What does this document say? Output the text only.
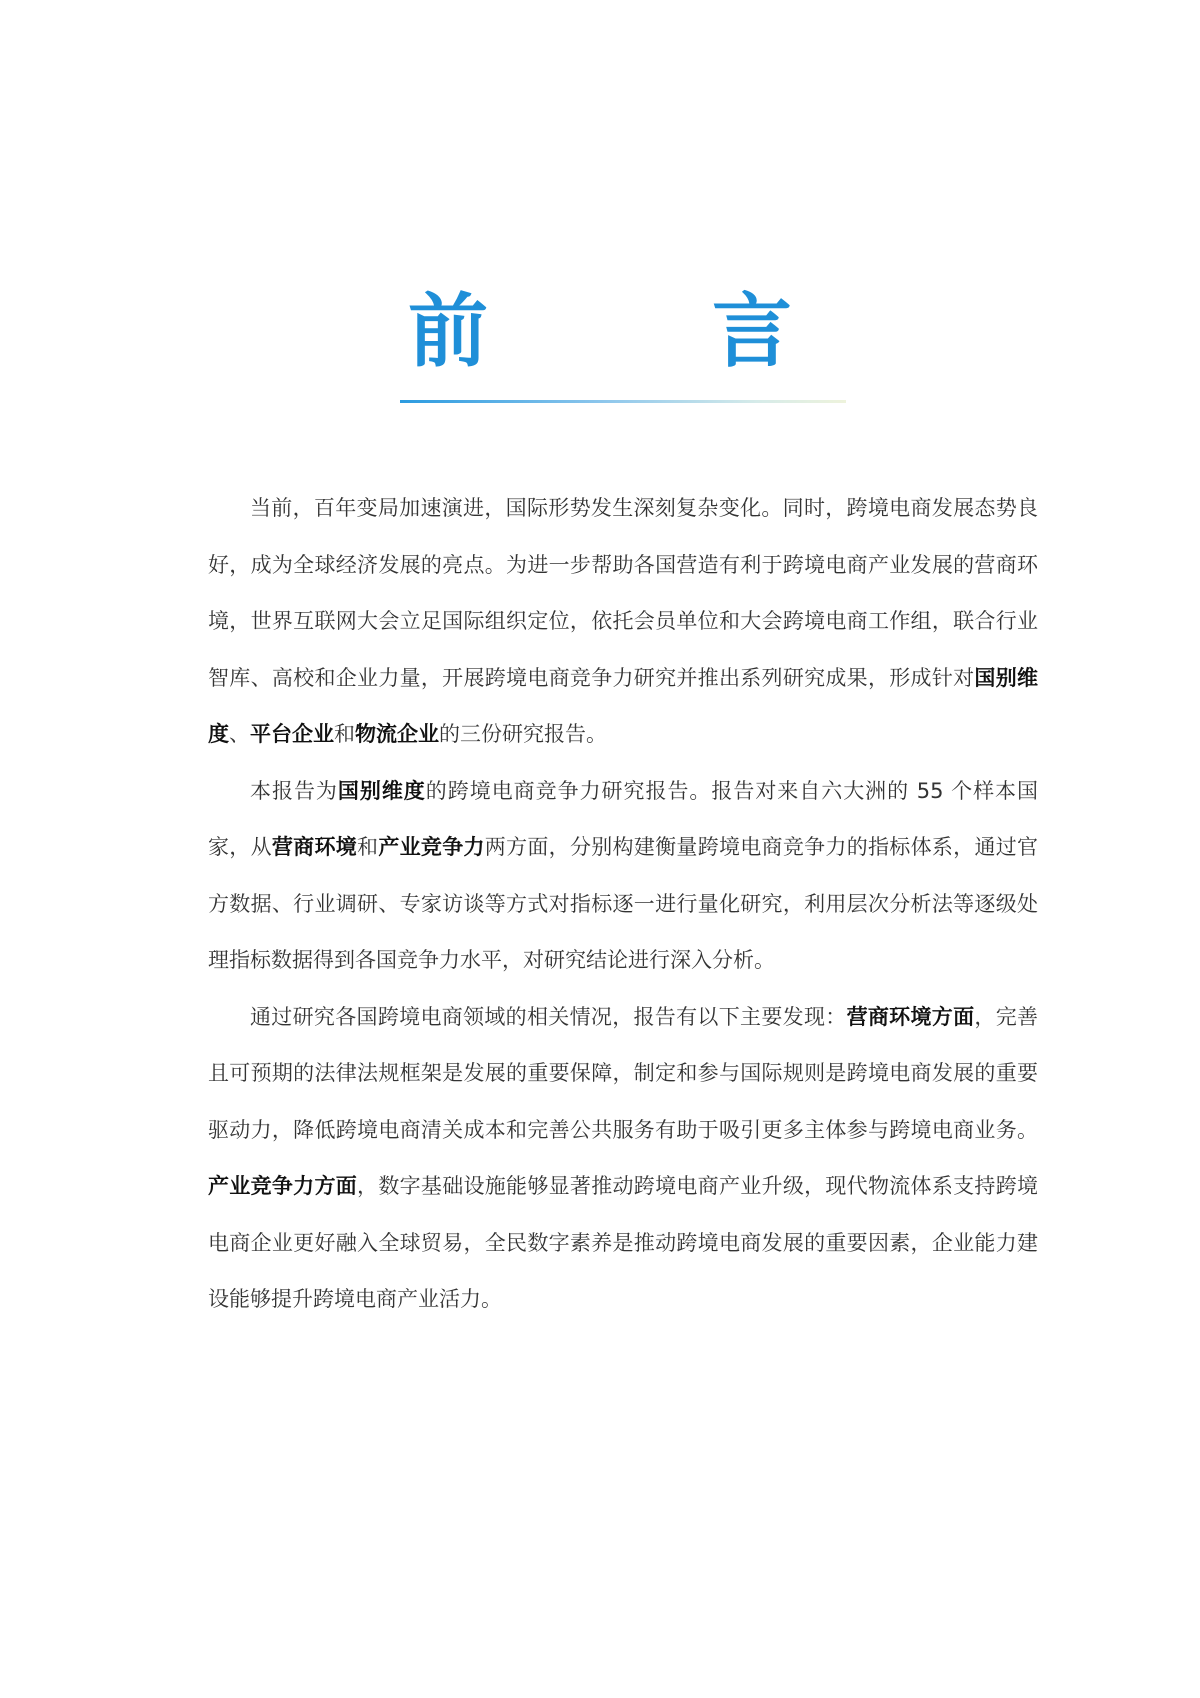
前　言

当前，百年变局加速演进，国际形势发生深刻复杂变化。同时，跨境电商发展态势良好，成为全球经济发展的亮点。为进一步帮助各国营造有利于跨境电商产业发展的营商环境，世界互联网大会立足国际组织定位，依托会员单位和大会跨境电商工作组，联合行业智库、高校和企业力量，开展跨境电商竞争力研究并推出系列研究成果，形成针对国别维度、平台企业和物流企业的三份研究报告。

本报告为国别维度的跨境电商竞争力研究报告。报告对来自六大洲的 55 个样本国家，从营商环境和产业竞争力两方面，分别构建衡量跨境电商竞争力的指标体系，通过官方数据、行业调研、专家访谈等方式对指标逐一进行量化研究，利用层次分析法等逐级处理指标数据得到各国竞争力水平，对研究结论进行深入分析。

通过研究各国跨境电商领域的相关情况，报告有以下主要发现：营商环境方面，完善且可预期的法律法规框架是发展的重要保障，制定和参与国际规则是跨境电商发展的重要驱动力，降低跨境电商清关成本和完善公共服务有助于吸引更多主体参与跨境电商业务。产业竞争力方面，数字基础设施能够显著推动跨境电商产业升级，现代物流体系支持跨境电商企业更好融入全球贸易，全民数字素养是推动跨境电商发展的重要因素，企业能力建设能够提升跨境电商产业活力。
